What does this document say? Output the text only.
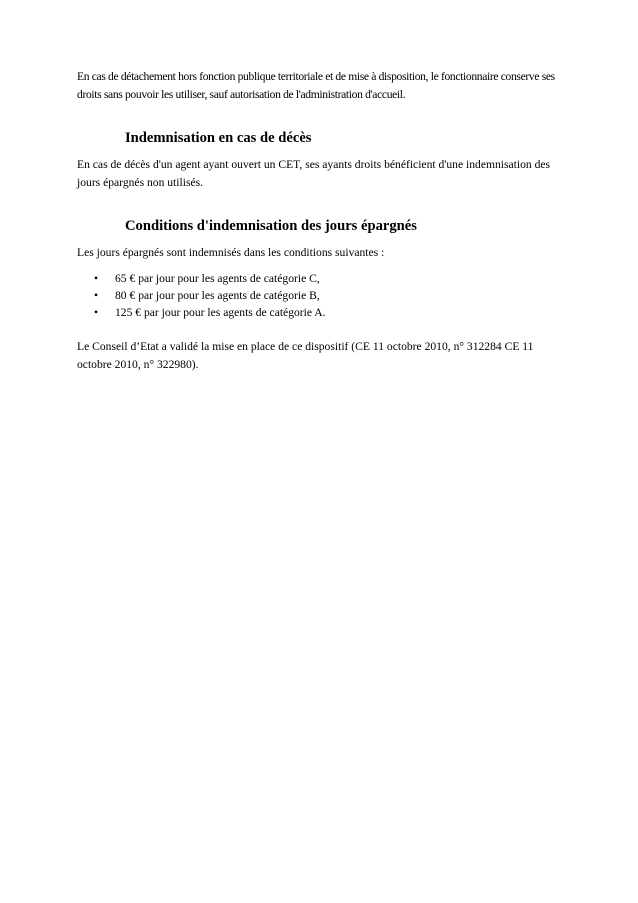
En cas de détachement hors fonction publique territoriale et de mise à disposition, le fonctionnaire conserve ses droits sans pouvoir les utiliser, sauf autorisation de l'administration d'accueil.

Indemnisation en cas de décès

En cas de décès d'un agent ayant ouvert un CET, ses ayants droits bénéficient d'une indemnisation des jours épargnés non utilisés.

Conditions d'indemnisation des jours épargnés

Les jours épargnés sont indemnisés dans les conditions suivantes :

• 65 € par jour pour les agents de catégorie C,
• 80 € par jour pour les agents de catégorie B,
• 125 € par jour pour les agents de catégorie A.

Le Conseil d’Etat a validé la mise en place de ce dispositif (CE 11 octobre 2010, n° 312284 CE 11 octobre 2010, n° 322980).
